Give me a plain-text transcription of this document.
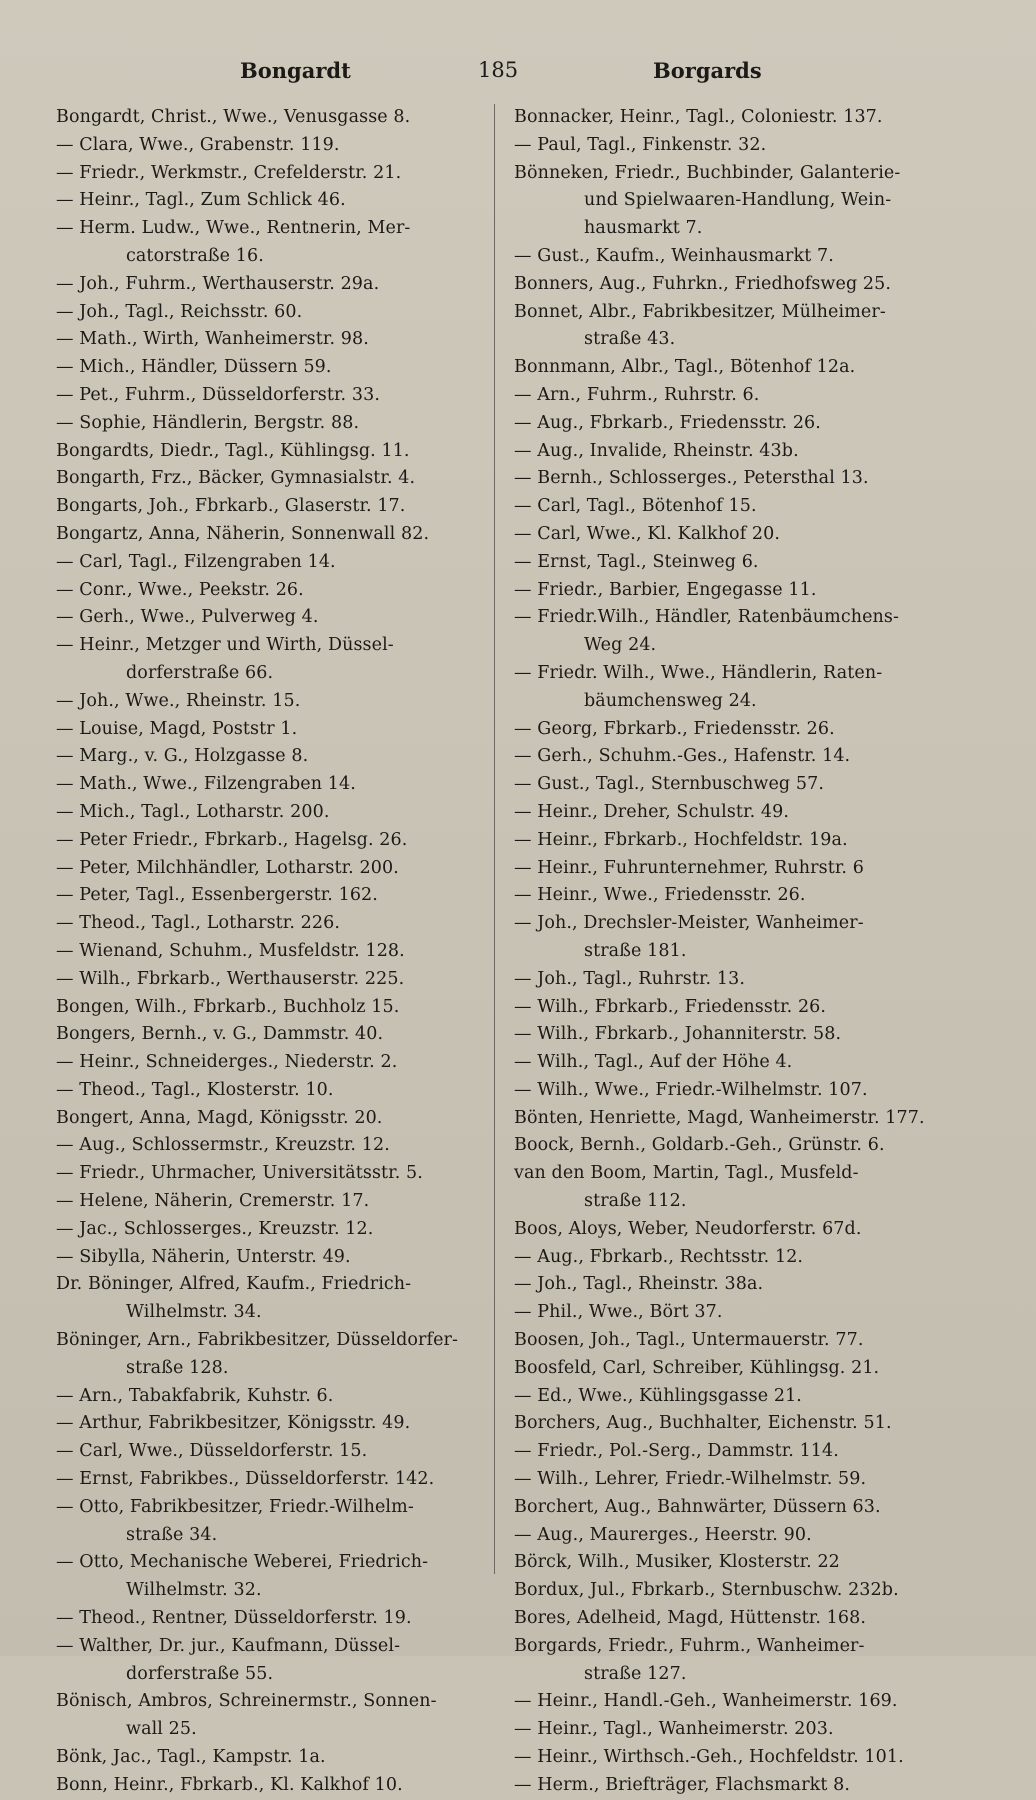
Bongardt	185	Borgards
Bongardt, Christ., Wwe., Venusgasse 8.
— Clara, Wwe., Grabenstr. 119.
— Friedr., Werkmstr., Crefelderstr. 21.
— Heinr., Tagl., Zum Schlick 46.
— Herm. Ludw., Wwe., Rentnerin, Mer-
catorstraße 16.
— Joh., Fuhrm., Werthauserstr. 29a.
— Joh., Tagl., Reichsstr. 60.
— Math., Wirth, Wanheimerstr. 98.
— Mich., Händler, Düssern 59.
— Pet., Fuhrm., Düsseldorferstr. 33.
— Sophie, Händlerin, Bergstr. 88.
Bongardts, Diedr., Tagl., Kühlingsg. 11.
Bongarth, Frz., Bäcker, Gymnasialstr. 4.
Bongarts, Joh., Fbrkarb., Glaserstr. 17.
Bongartz, Anna, Näherin, Sonnenwall 82.
— Carl, Tagl., Filzengraben 14.
— Conr., Wwe., Peekstr. 26.
— Gerh., Wwe., Pulverweg 4.
— Heinr., Metzger und Wirth, Düssel-
dorferstraße 66.
— Joh., Wwe., Rheinstr. 15.
— Louise, Magd, Poststr 1.
— Marg., v. G., Holzgasse 8.
— Math., Wwe., Filzengraben 14.
— Mich., Tagl., Lotharstr. 200.
— Peter Friedr., Fbrkarb., Hagelsg. 26.
— Peter, Milchhändler, Lotharstr. 200.
— Peter, Tagl., Essenbergerstr. 162.
— Theod., Tagl., Lotharstr. 226.
— Wienand, Schuhm., Musfeldstr. 128.
— Wilh., Fbrkarb., Werthauserstr. 225.
Bongen, Wilh., Fbrkarb., Buchholz 15.
Bongers, Bernh., v. G., Dammstr. 40.
— Heinr., Schneiderges., Niederstr. 2.
— Theod., Tagl., Klosterstr. 10.
Bongert, Anna, Magd, Königsstr. 20.
— Aug., Schlossermstr., Kreuzstr. 12.
— Friedr., Uhrmacher, Universitätsstr. 5.
— Helene, Näherin, Cremerstr. 17.
— Jac., Schlosserges., Kreuzstr. 12.
— Sibylla, Näherin, Unterstr. 49.
Dr. Böninger, Alfred, Kaufm., Friedrich-
Wilhelmstr. 34.
Böninger, Arn., Fabrikbesitzer, Düsseldorfer-
straße 128.
— Arn., Tabakfabrik, Kuhstr. 6.
— Arthur, Fabrikbesitzer, Königsstr. 49.
— Carl, Wwe., Düsseldorferstr. 15.
— Ernst, Fabrikbes., Düsseldorferstr. 142.
— Otto, Fabrikbesitzer, Friedr.-Wilhelm-
straße 34.
— Otto, Mechanische Weberei, Friedrich-
Wilhelmstr. 32.
— Theod., Rentner, Düsseldorferstr. 19.
— Walther, Dr. jur., Kaufmann, Düssel-
dorferstraße 55.
Bönisch, Ambros, Schreinermstr., Sonnen-
wall 25.
Bönk, Jac., Tagl., Kampstr. 1a.
Bonn, Heinr., Fbrkarb., Kl. Kalkhof 10.
Bonnacker, Heinr., Tagl., Coloniestr. 137.
— Paul, Tagl., Finkenstr. 32.
Bönneken, Friedr., Buchbinder, Galanterie-
und Spielwaaren-Handlung, Wein-
hausmarkt 7.
— Gust., Kaufm., Weinhausmarkt 7.
Bonners, Aug., Fuhrkn., Friedhofsweg 25.
Bonnet, Albr., Fabrikbesitzer, Mülheimer-
straße 43.
Bonnmann, Albr., Tagl., Bötenhof 12a.
— Arn., Fuhrm., Ruhrstr. 6.
— Aug., Fbrkarb., Friedensstr. 26.
— Aug., Invalide, Rheinstr. 43b.
— Bernh., Schlosserges., Petersthal 13.
— Carl, Tagl., Bötenhof 15.
— Carl, Wwe., Kl. Kalkhof 20.
— Ernst, Tagl., Steinweg 6.
— Friedr., Barbier, Engegasse 11.
— Friedr.Wilh., Händler, Ratenbäumchens-
Weg 24.
— Friedr. Wilh., Wwe., Händlerin, Raten-
bäumchensweg 24.
— Georg, Fbrkarb., Friedensstr. 26.
— Gerh., Schuhm.-Ges., Hafenstr. 14.
— Gust., Tagl., Sternbuschweg 57.
— Heinr., Dreher, Schulstr. 49.
— Heinr., Fbrkarb., Hochfeldstr. 19a.
— Heinr., Fuhrunternehmer, Ruhrstr. 6
— Heinr., Wwe., Friedensstr. 26.
— Joh., Drechsler-Meister, Wanheimer-
straße 181.
— Joh., Tagl., Ruhrstr. 13.
— Wilh., Fbrkarb., Friedensstr. 26.
— Wilh., Fbrkarb., Johanniterstr. 58.
— Wilh., Tagl., Auf der Höhe 4.
— Wilh., Wwe., Friedr.-Wilhelmstr. 107.
Bönten, Henriette, Magd, Wanheimerstr. 177.
Boock, Bernh., Goldarb.-Geh., Grünstr. 6.
van den Boom, Martin, Tagl., Musfeld-
straße 112.
Boos, Aloys, Weber, Neudorferstr. 67d.
— Aug., Fbrkarb., Rechtsstr. 12.
— Joh., Tagl., Rheinstr. 38a.
— Phil., Wwe., Bört 37.
Boosen, Joh., Tagl., Untermauerstr. 77.
Boosfeld, Carl, Schreiber, Kühlingsg. 21.
— Ed., Wwe., Kühlingsgasse 21.
Borchers, Aug., Buchhalter, Eichenstr. 51.
— Friedr., Pol.-Serg., Dammstr. 114.
— Wilh., Lehrer, Friedr.-Wilhelmstr. 59.
Borchert, Aug., Bahnwärter, Düssern 63.
— Aug., Maurerges., Heerstr. 90.
Börck, Wilh., Musiker, Klosterstr. 22
Bordux, Jul., Fbrkarb., Sternbuschw. 232b.
Bores, Adelheid, Magd, Hüttenstr. 168.
Borgards, Friedr., Fuhrm., Wanheimer-
straße 127.
— Heinr., Handl.-Geh., Wanheimerstr. 169.
— Heinr., Tagl., Wanheimerstr. 203.
— Heinr., Wirthsch.-Geh., Hochfeldstr. 101.
— Herm., Briefträger, Flachsmarkt 8.
